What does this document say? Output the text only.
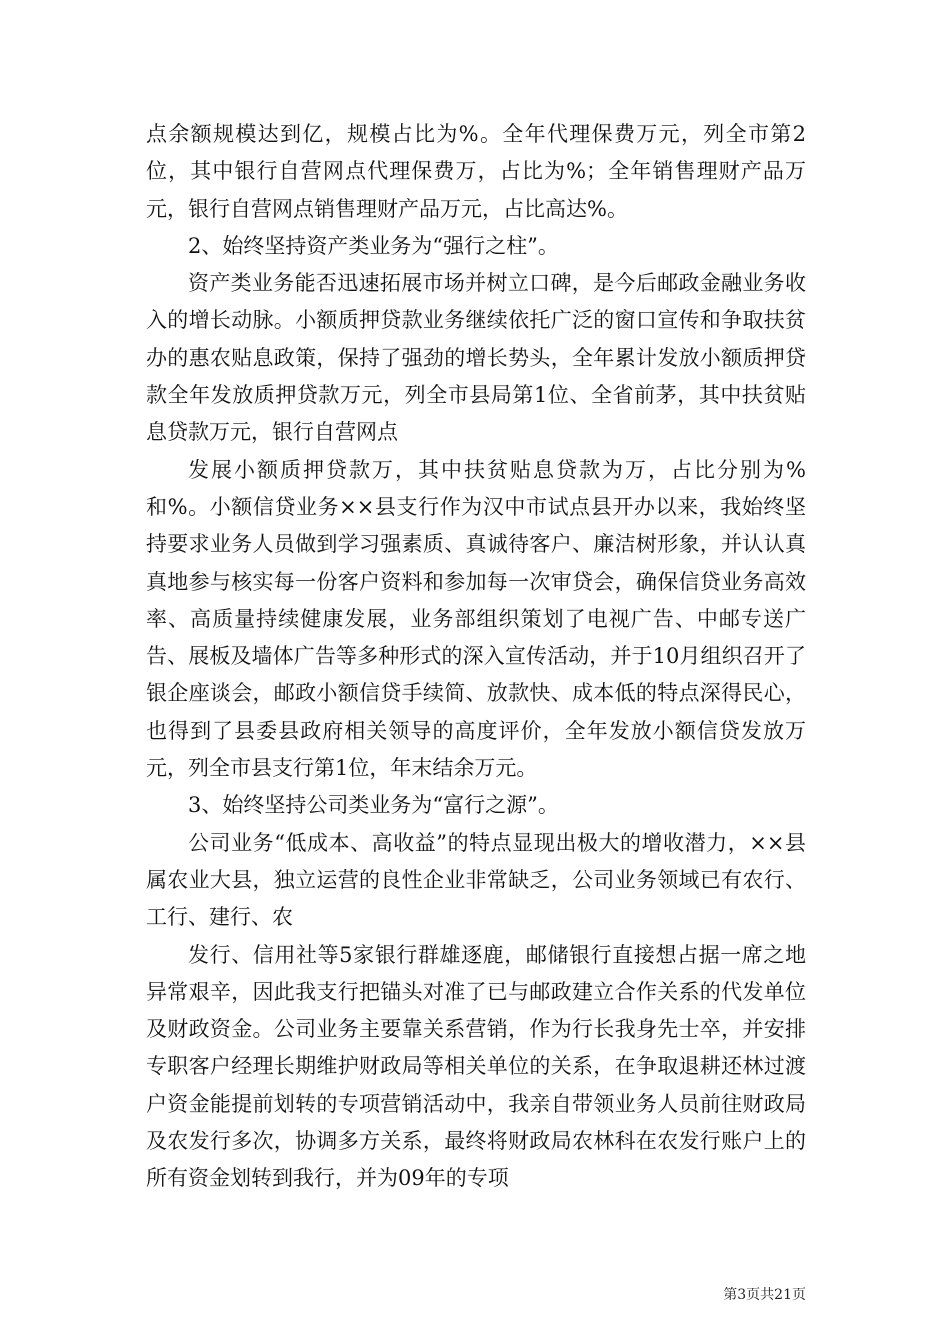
点余额规模达到亿，规模占比为%。全年代理保费万元，列全市第2位，其中银行自营网点代理保费万，占比为%；全年销售理财产品万元，银行自营网点销售理财产品万元，占比高达%。

2、始终坚持资产类业务为“强行之柱”。

资产类业务能否迅速拓展市场并树立口碑，是今后邮政金融业务收入的增长动脉。小额质押贷款业务继续依托广泛的窗口宣传和争取扶贫办的惠农贴息政策，保持了强劲的增长势头，全年累计发放小额质押贷款全年发放质押贷款万元，列全市县局第1位、全省前茅，其中扶贫贴息贷款万元，银行自营网点

发展小额质押贷款万，其中扶贫贴息贷款为万，占比分别为%和%。小额信贷业务××县支行作为汉中市试点县开办以来，我始终坚持要求业务人员做到学习强素质、真诚待客户、廉洁树形象，并认认真真地参与核实每一份客户资料和参加每一次审贷会，确保信贷业务高效率、高质量持续健康发展，业务部组织策划了电视广告、中邮专送广告、展板及墙体广告等多种形式的深入宣传活动，并于10月组织召开了银企座谈会，邮政小额信贷手续简、放款快、成本低的特点深得民心，也得到了县委县政府相关领导的高度评价，全年发放小额信贷发放万元，列全市县支行第1位，年末结余万元。

3、始终坚持公司类业务为“富行之源”。

公司业务“低成本、高收益”的特点显现出极大的增收潜力，××县属农业大县，独立运营的良性企业非常缺乏，公司业务领域已有农行、工行、建行、农

发行、信用社等5家银行群雄逐鹿，邮储银行直接想占据一席之地异常艰辛，因此我支行把锚头对准了已与邮政建立合作关系的代发单位及财政资金。公司业务主要靠关系营销，作为行长我身先士卒，并安排专职客户经理长期维护财政局等相关单位的关系，在争取退耕还林过渡户资金能提前划转的专项营销活动中，我亲自带领业务人员前往财政局及农发行多次，协调多方关系，最终将财政局农林科在农发行账户上的所有资金划转到我行，并为09年的专项

第3页共21页
